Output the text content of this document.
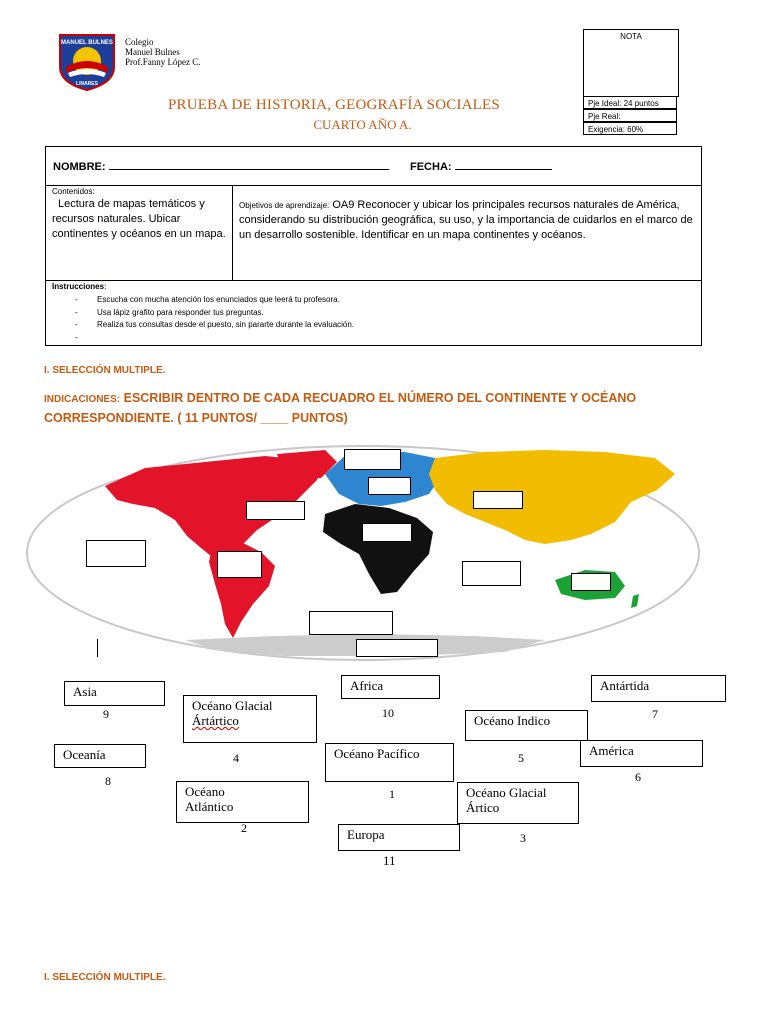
MANUEL BULNES
LINARES
Colegio
Manuel Bulnes
Prof.Fanny López C.
PRUEBA DE HISTORIA, GEOGRAFÍA SOCIALES
CUARTO AÑO A.
NOTA
Pje Ideal: 24 puntos
Pje Real:
Exigencia: 60%
NOMBRE:	FECHA:
Contenidos:
Lectura de mapas temáticos y recursos naturales. Ubicar continentes y océanos en un mapa.
Objetivos de aprendizaje: OA9 Reconocer y ubicar los principales recursos naturales de América, considerando su distribución geográfica, su uso, y la importancia de cuidarlos en el marco de un desarrollo sostenible. Identificar en un mapa continentes y océanos.
Instrucciones:
- Escucha con mucha atención los enunciados que leerá tu profesora.
- Usa lápiz grafito para responder tus preguntas.
- Realiza tus consultas desde el puesto, sin pararte durante la evaluación.
-
I. SELECCIÓN MULTIPLE.
INDICACIONES: ESCRIBIR DENTRO DE CADA RECUADRO EL NÚMERO DEL CONTINENTE Y OCÉANO CORRESPONDIENTE. ( 11 PUNTOS/ ____ PUNTOS)
Asia
9
Océano Glacial
Ártártico
4
Africa
10
Antártida
7
Océano Indico
5
Oceanía
8
Océano Pacífico
1
América
6
Océano
Atlántico
2
Océano Glacial
Ártico
3
Europa
11
I. SELECCIÓN MULTIPLE.
